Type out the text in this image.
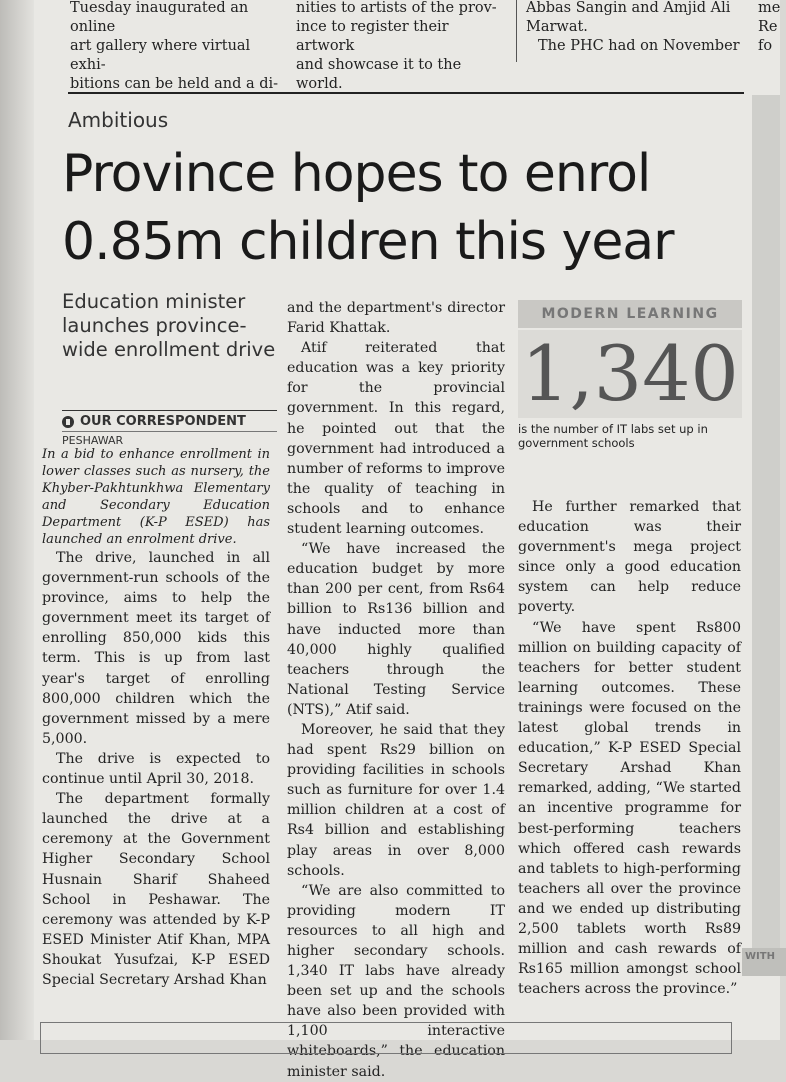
Tuesday inaugurated an online

art gallery where virtual exhi-

bitions can be held and a di-

nities to artists of the prov-

ince to register their artwork

and showcase it to the world.

Abbas Sangin and Amjid Ali

Marwat.

The PHC had on November

me

Re

fo

Ambitious
Province hopes to enrol
0.85m children this year
Education minister launches province-wide enrollment drive
OUR CORRESPONDENT
PESHAWAR

In a bid to enhance enrollment in lower classes such as nursery, the Khyber-Pakhtunkhwa Elementary and Secondary Education Department (K-P ESED) has launched an enrolment drive.

The drive, launched in all government-run schools of the province, aims to help the government meet its target of enrolling 850,000 kids this term. This is up from last year's target of enrolling 800,000 children which the government missed by a mere 5,000.

The drive is expected to continue until April 30, 2018.

The department formally launched the drive at a ceremony at the Government Higher Secondary School Husnain Sharif Shaheed School in Peshawar. The ceremony was attended by K-P ESED Minister Atif Khan, MPA Shoukat Yusufzai, K-P ESED Special Secretary Arshad Khan

and the department's director Farid Khattak.

Atif reiterated that education was a key priority for the provincial government. In this regard, he pointed out that the government had introduced a number of reforms to improve the quality of teaching in schools and to enhance student learning outcomes.

“We have increased the education budget by more than 200 per cent, from Rs64 billion to Rs136 billion and have inducted more than 40,000 highly qualified teachers through the National Testing Service (NTS),” Atif said.

Moreover, he said that they had spent Rs29 billion on providing facilities in schools such as furniture for over 1.4 million children at a cost of Rs4 billion and establishing play areas in over 8,000 schools.

“We are also committed to providing modern IT resources to all high and higher secondary schools. 1,340 IT labs have already been set up and the schools have also been provided with 1,100 interactive whiteboards,” the education minister said.

MODERN LEARNING
1,340
is the number of IT labs set up in government schools

He further remarked that education was their government's mega project since only a good education system can help reduce poverty.

“We have spent Rs800 million on building capacity of teachers for better student learning outcomes. These trainings were focused on the latest global trends in education,” K-P ESED Special Secretary Arshad Khan remarked, adding, “We started an incentive programme for best-performing teachers which offered cash rewards and tablets to high-performing teachers all over the province and we ended up distributing 2,500 tablets worth Rs89 million and cash rewards of Rs165 million amongst school teachers across the province.”

WITH
